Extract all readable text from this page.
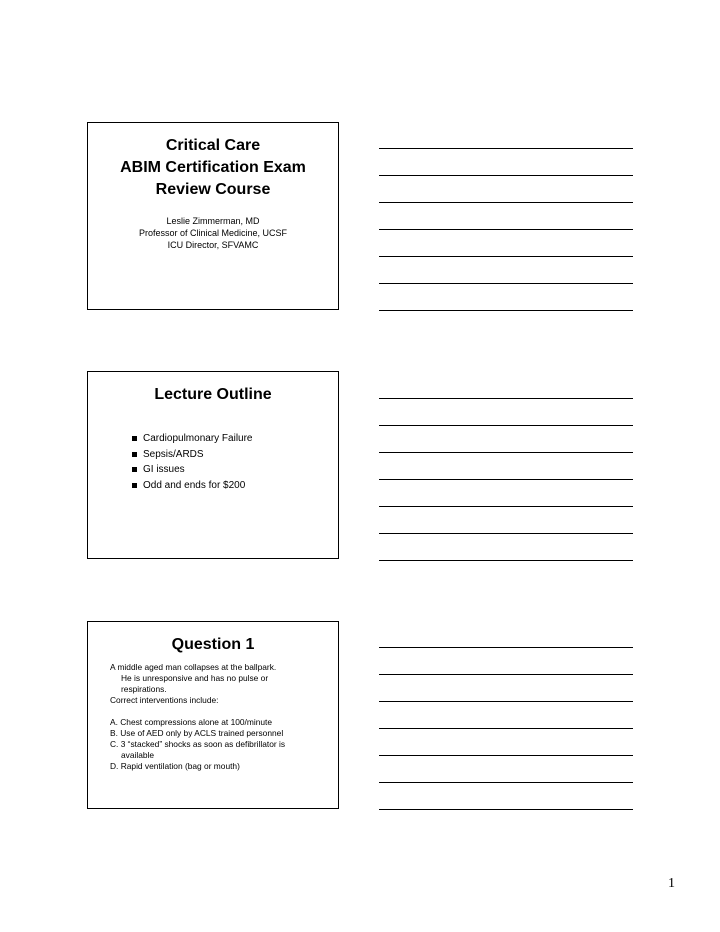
Critical Care
ABIM Certification Exam
Review Course
Leslie Zimmerman, MD
Professor of Clinical Medicine, UCSF
ICU Director, SFVAMC
Lecture Outline
Cardiopulmonary Failure
Sepsis/ARDS
GI issues
Odd and ends for $200
Question 1
A middle aged man collapses at the ballpark.
He is unresponsive and has no pulse or
respirations.
Correct interventions include:
A. Chest compressions alone at 100/minute
B. Use of AED only by ACLS trained personnel
C. 3 “stacked” shocks as soon as defibrillator is
available
D. Rapid ventilation (bag or mouth)
1
